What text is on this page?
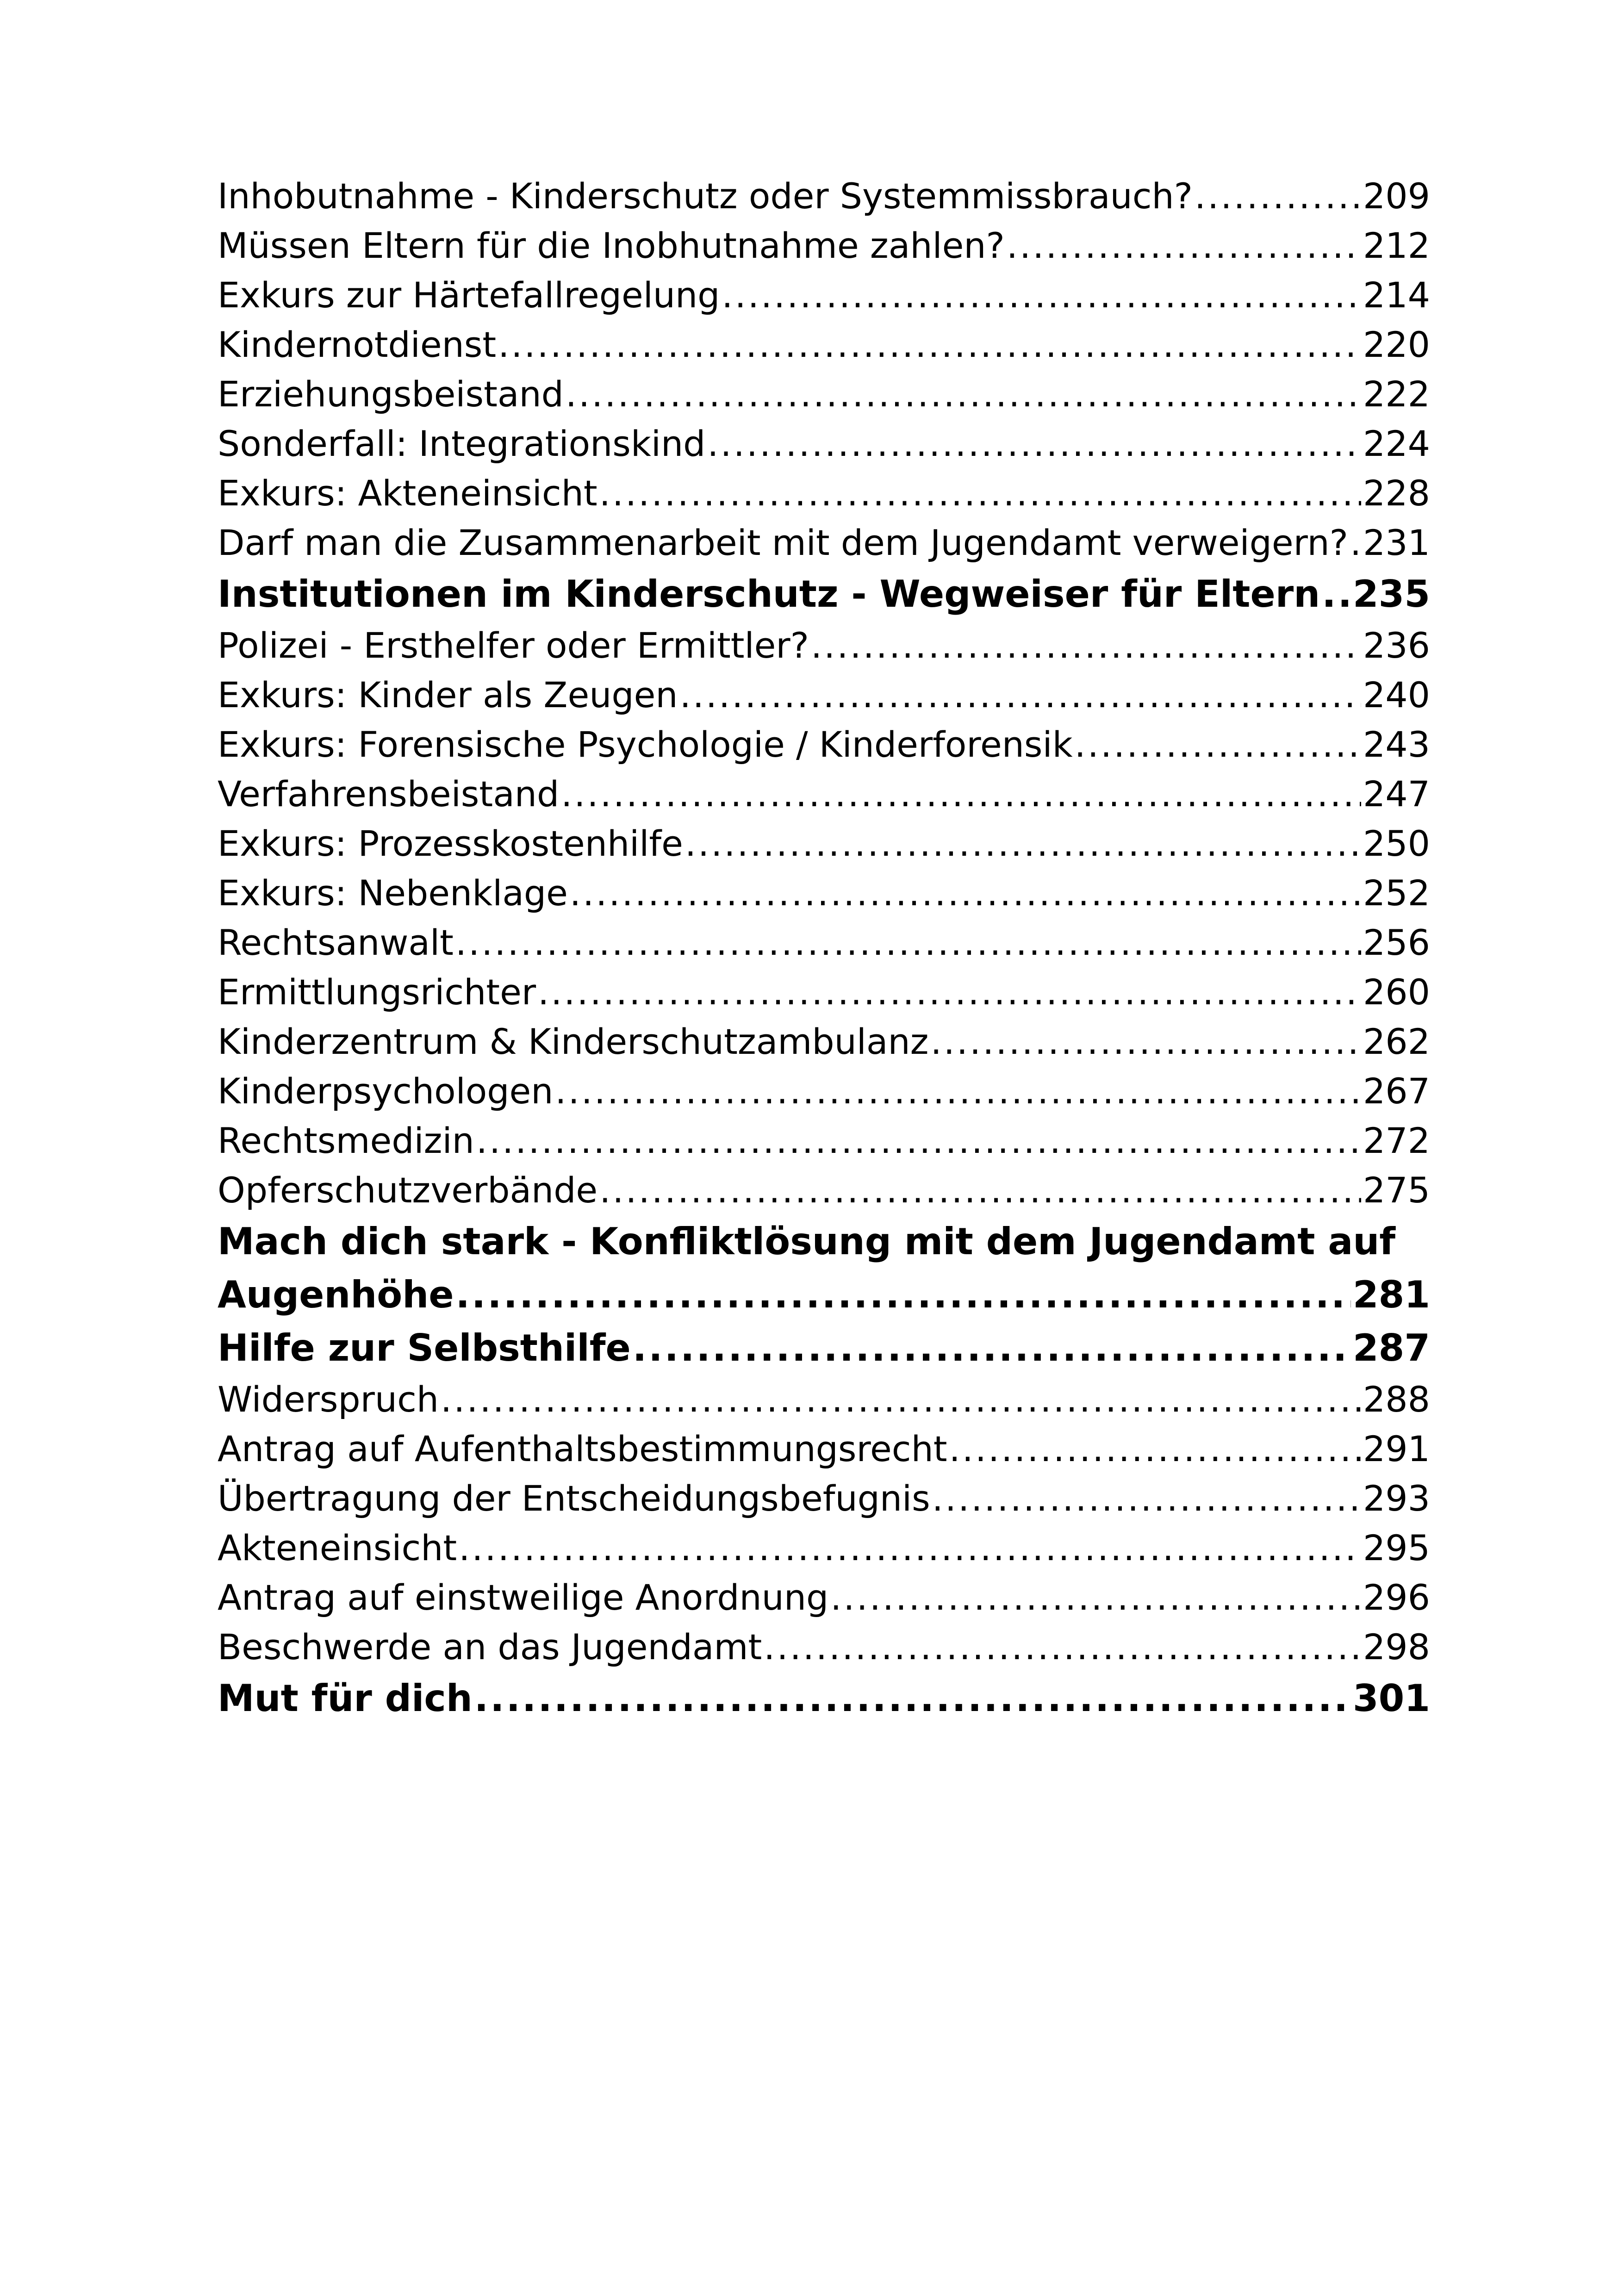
Inhobutnahme - Kinderschutz oder Systemmissbrauch? .....	209
Müssen Eltern für die Inobhutnahme zahlen? .....	212
Exkurs zur Härtefallregelung .....	214
Kindernotdienst .....	220
Erziehungsbeistand .....	222
Sonderfall: Integrationskind .....	224
Exkurs: Akteneinsicht .....	228
Darf man die Zusammenarbeit mit dem Jugendamt verweigern? ..... 231
Institutionen im Kinderschutz - Wegweiser für Eltern ..... 235
Polizei - Ersthelfer oder Ermittler? .....	236
Exkurs: Kinder als Zeugen .....	240
Exkurs: Forensische Psychologie / Kinderforensik .....	243
Verfahrensbeistand .....	247
Exkurs: Prozesskostenhilfe .....	250
Exkurs: Nebenklage .....	252
Rechtsanwalt .....	256
Ermittlungsrichter .....	260
Kinderzentrum & Kinderschutzambulanz .....	262
Kinderpsychologen .....	267
Rechtsmedizin .....	272
Opferschutzverbände .....	275
Mach dich stark - Konfliktlösung mit dem Jugendamt auf
Augenhöhe .....	281
Hilfe zur Selbsthilfe .....	287
Widerspruch .....	288
Antrag auf Aufenthaltsbestimmungsrecht .....	291
Übertragung der Entscheidungsbefugnis .....	293
Akteneinsicht .....	295
Antrag auf einstweilige Anordnung .....	296
Beschwerde an das Jugendamt .....	298
Mut für dich .....	301
